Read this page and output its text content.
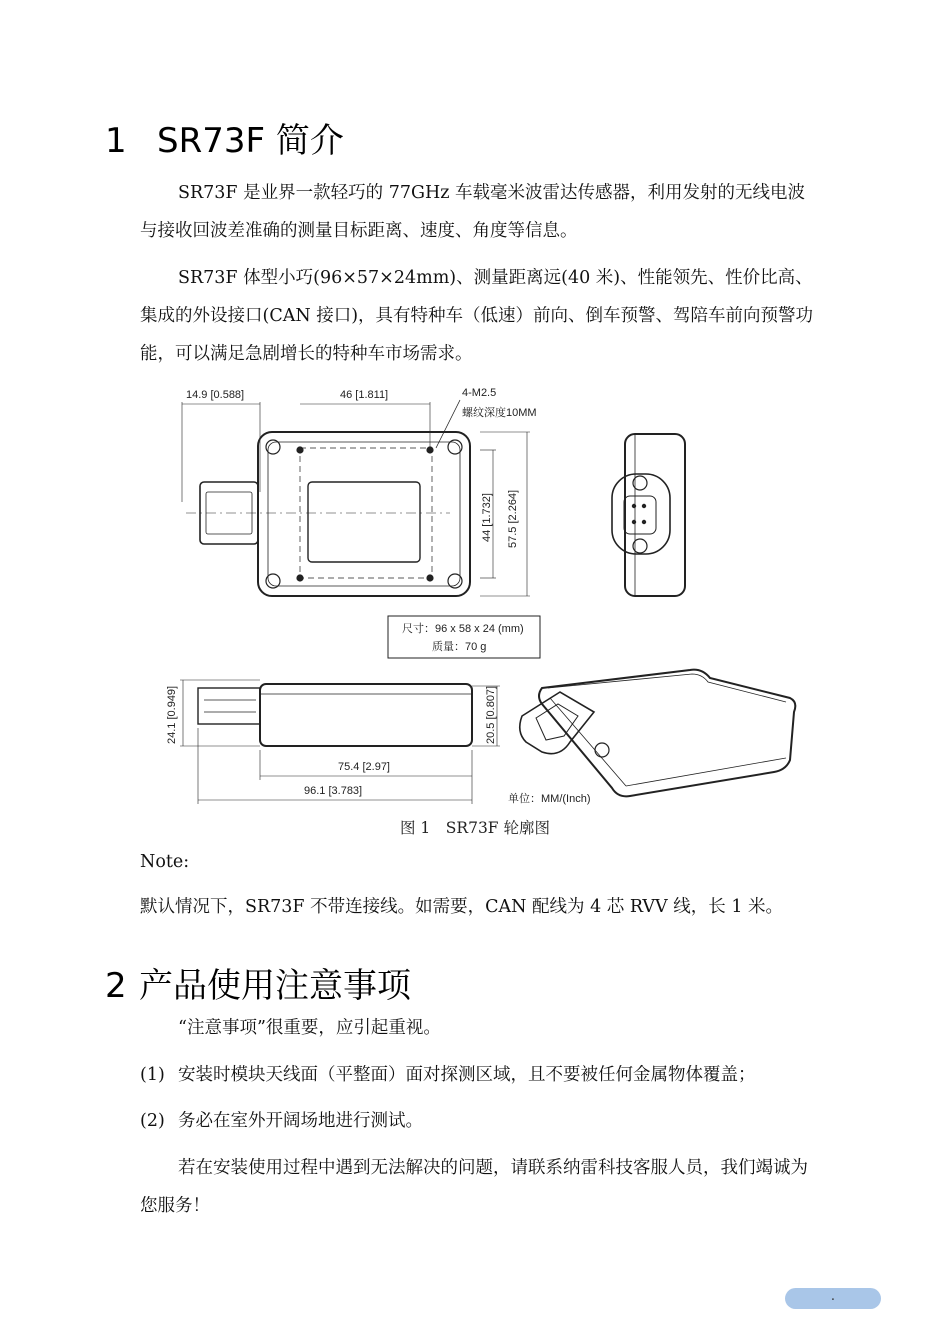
1 SR73F 简介
SR73F 是业界一款轻巧的 77GHz 车载毫米波雷达传感器，利用发射的无线电波与接收回波差准确的测量目标距离、速度、角度等信息。
SR73F 体型小巧(96×57×24mm)、测量距离远(40 米)、性能领先、性价比高、集成的外设接口(CAN 接口)，具有特种车（低速）前向、倒车预警、驾陪车前向预警功能，可以满足急剧增长的特种车市场需求。
14.9 [0.588]	46 [1.811]	4-M2.5
螺纹深度10MM
44 [1.732] 57.5 [2.264]
尺寸：96 x 58 x 24 (mm)
质量：70 g
24.1 [0.949]	20.5 [0.807]
75.4 [2.97]
96.1 [3.783]
单位：MM/(Inch)
图 1　SR73F 轮廓图
Note:
默认情况下，SR73F 不带连接线。如需要，CAN 配线为 4 芯 RVV 线，长 1 米。
2 产品使用注意事项
“注意事项”很重要，应引起重视。
(1) 安装时模块天线面（平整面）面对探测区域，且不要被任何金属物体覆盖；
(2) 务必在室外开阔场地进行测试。
若在安装使用过程中遇到无法解决的问题，请联系纳雷科技客服人员，我们竭诚为您服务！
.
